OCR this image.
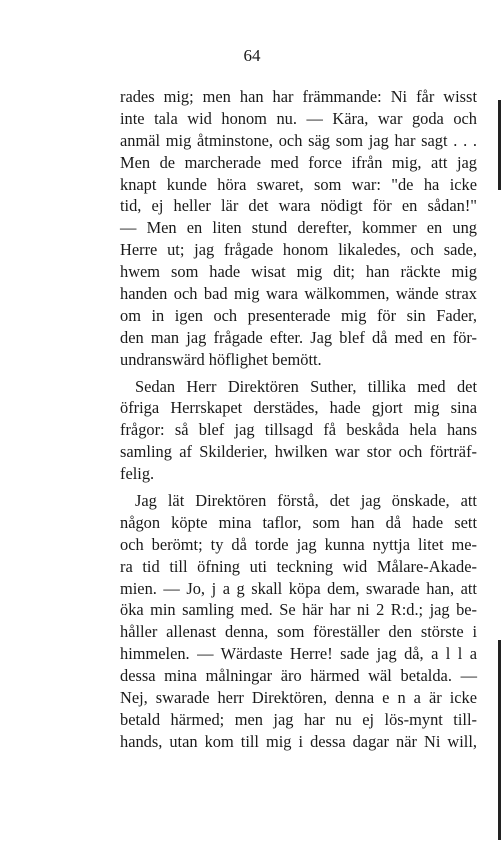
64
rades mig; men han har främmande: Ni får wisst
inte tala wid honom nu. — Kära, war goda och
anmäl mig åtminstone, och säg som jag har sagt . . .
Men de marcherade med force ifrån mig, att jag
knapt kunde höra swaret, som war: "de ha icke
tid, ej heller lär det wara nödigt för en sådan!"
— Men en liten stund derefter, kommer en ung
Herre ut; jag frågade honom likaledes, och sade,
hwem som hade wisat mig dit; han räckte mig
handen och bad mig wara wälkommen, wände strax
om in igen och presenterade mig för sin Fader,
den man jag frågade efter. Jag blef då med en för-
undranswärd höflighet bemött.
Sedan Herr Direktören Suther, tillika med det
öfriga Herrskapet derstädes, hade gjort mig sina
frågor: så blef jag tillsagd få beskåda hela hans
samling af Skilderier, hwilken war stor och förträf-
felig.
Jag lät Direktören förstå, det jag önskade, att
någon köpte mina taflor, som han då hade sett
och berömt; ty då torde jag kunna nyttja litet me-
ra tid till öfning uti teckning wid Målare-Akade-
mien. — Jo, j a g skall köpa dem, swarade han, att
öka min samling med. Se här har ni 2 R:d.; jag be-
håller allenast denna, som föreställer den störste i
himmelen. — Wärdaste Herre! sade jag då, a l l a
dessa mina målningar äro härmed wäl betalda. —
Nej, swarade herr Direktören, denna e n a är icke
betald härmed; men jag har nu ej lös-mynt till-
hands, utan kom till mig i dessa dagar när Ni will,
